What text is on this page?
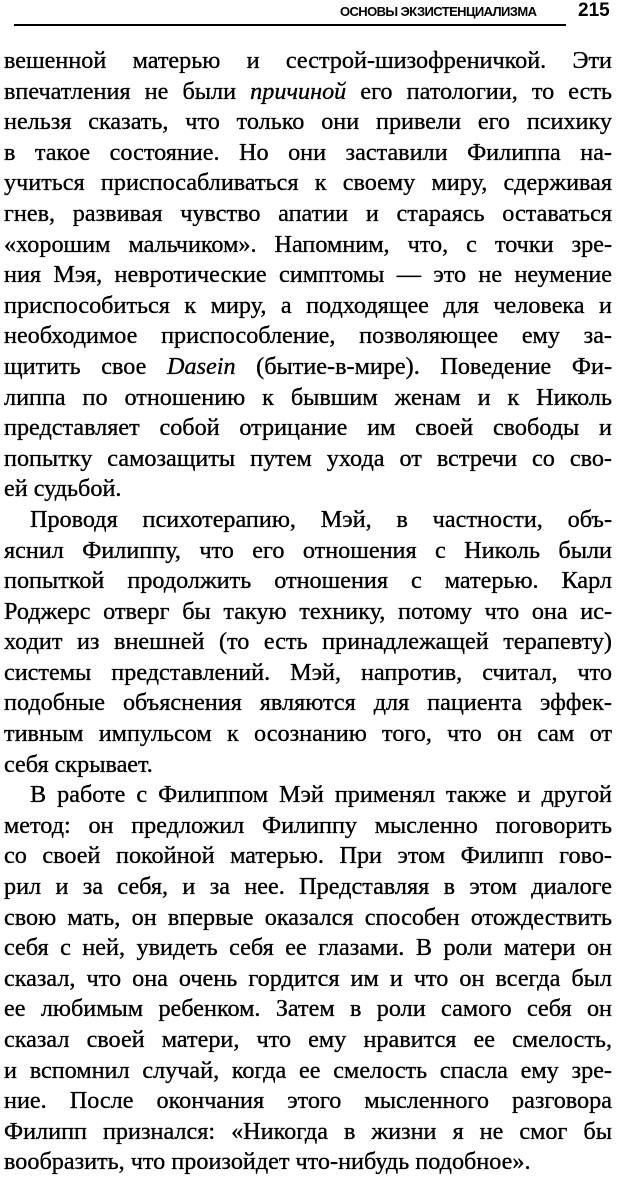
ОСНОВЫ ЭКЗИСТЕНЦИАЛИЗМА 215
вешенной матерью и сестрой-шизофреничкой. Эти
впечатления не были причиной его патологии, то есть
нельзя сказать, что только они привели его психику
в такое состояние. Но они заставили Филиппа на-
учиться приспосабливаться к своему миру, сдерживая
гнев, развивая чувство апатии и стараясь оставаться
«хорошим мальчиком». Напомним, что, с точки зре-
ния Мэя, невротические симптомы — это не неумение
приспособиться к миру, а подходящее для человека и
необходимое приспособление, позволяющее ему за-
щитить свое Dasein (бытие-в-мире). Поведение Фи-
липпа по отношению к бывшим женам и к Николь
представляет собой отрицание им своей свободы и
попытку самозащиты путем ухода от встречи со сво-
ей судьбой.
Проводя психотерапию, Мэй, в частности, объ-
яснил Филиппу, что его отношения с Николь были
попыткой продолжить отношения с матерью. Карл
Роджерс отверг бы такую технику, потому что она ис-
ходит из внешней (то есть принадлежащей терапевту)
системы представлений. Мэй, напротив, считал, что
подобные объяснения являются для пациента эффек-
тивным импульсом к осознанию того, что он сам от
себя скрывает.
В работе с Филиппом Мэй применял также и другой
метод: он предложил Филиппу мысленно поговорить
со своей покойной матерью. При этом Филипп гово-
рил и за себя, и за нее. Представляя в этом диалоге
свою мать, он впервые оказался способен отождествить
себя с ней, увидеть себя ее глазами. В роли матери он
сказал, что она очень гордится им и что он всегда был
ее любимым ребенком. Затем в роли самого себя он
сказал своей матери, что ему нравится ее смелость,
и вспомнил случай, когда ее смелость спасла ему зре-
ние. После окончания этого мысленного разговора
Филипп признался: «Никогда в жизни я не смог бы
вообразить, что произойдет что-нибудь подобное».
